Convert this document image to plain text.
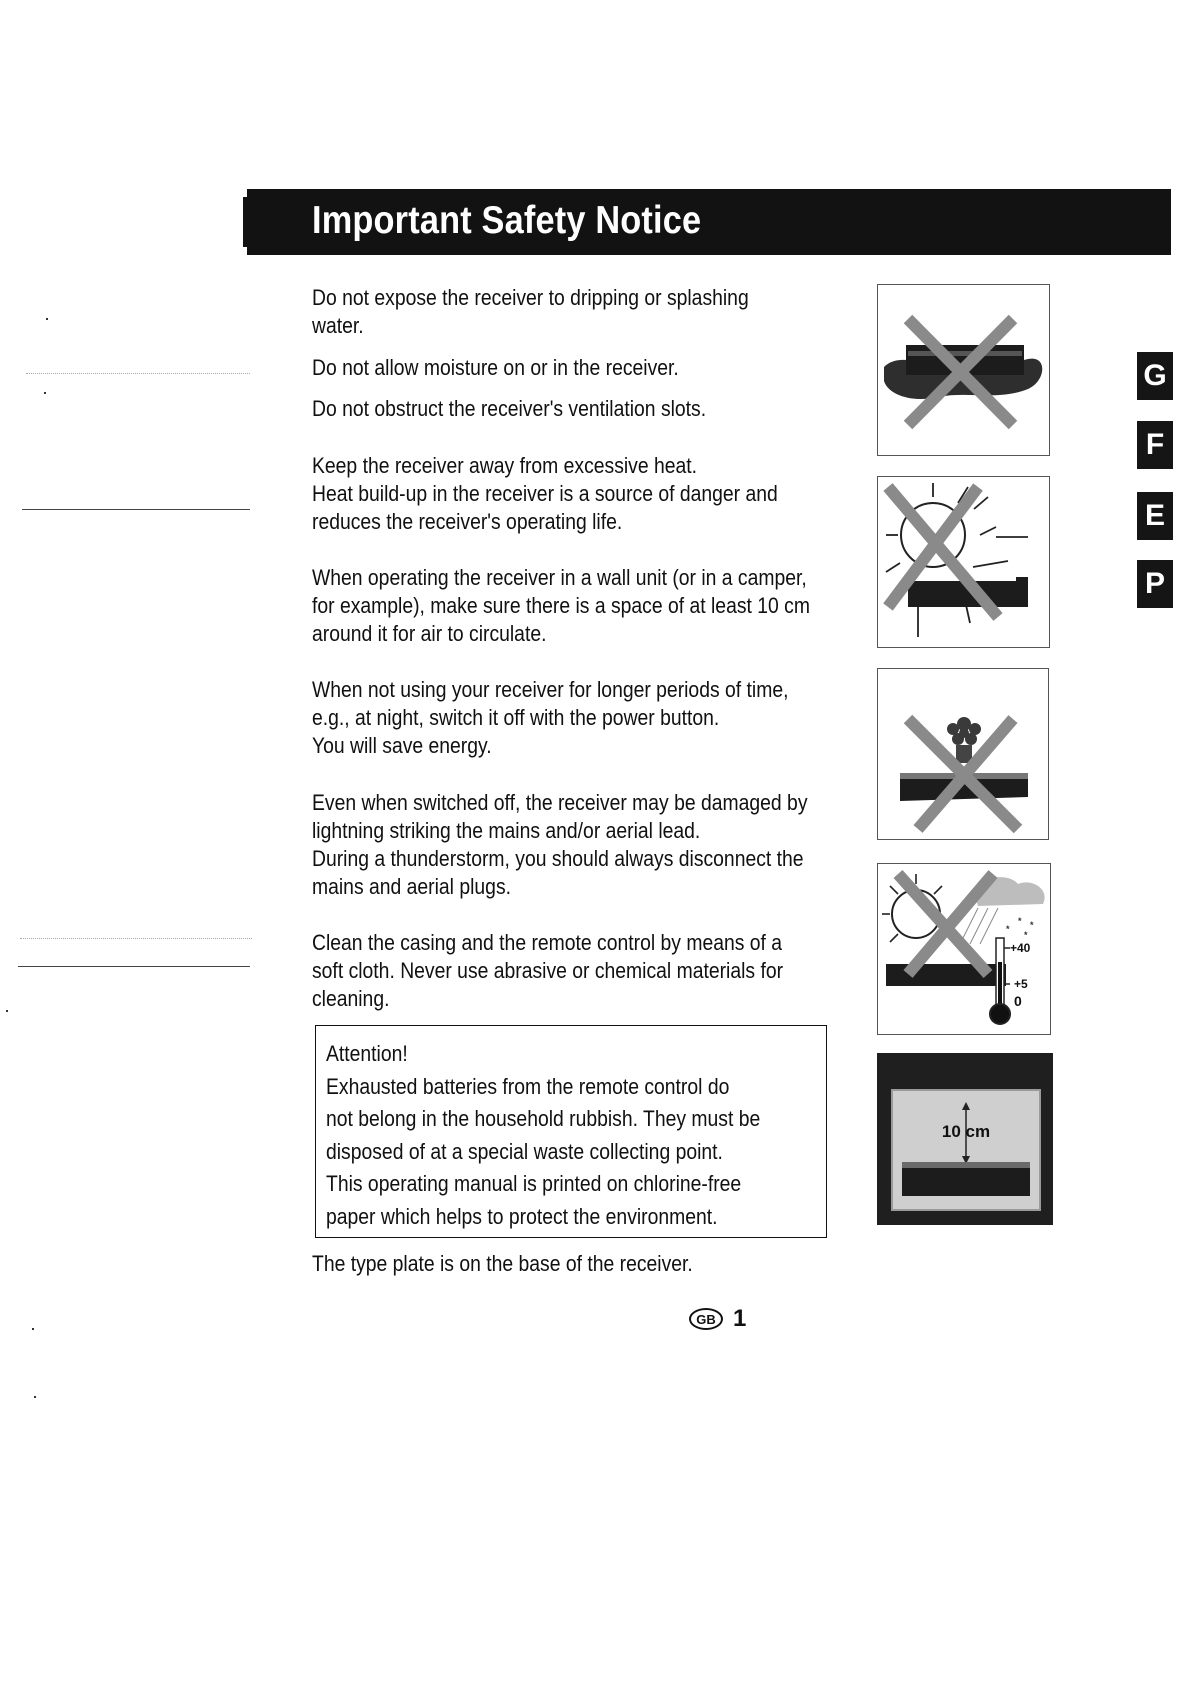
Important Safety Notice

Do not expose the receiver to dripping or splashing
water.

Do not allow moisture on or in the receiver.

Do not obstruct the receiver's ventilation slots.

Keep the receiver away from excessive heat.
Heat build-up in the receiver is a source of danger and
reduces the receiver's operating life.

When operating the receiver in a wall unit (or in a camper,
for example), make sure there is a space of at least 10 cm
around it for air to circulate.

When not using your receiver for longer periods of time,
e.g., at night, switch it off with the power button.
You will save energy.

Even when switched off, the receiver may be damaged by
lightning striking the mains and/or aerial lead.
During a thunderstorm, you should always disconnect the
mains and aerial plugs.

Clean the casing and the remote control by means of a
soft cloth. Never use abrasive or chemical materials for
cleaning.

Attention!
Exhausted batteries from the remote control do
not belong in the household rubbish. They must be
disposed of at a special waste collecting point.
This operating manual is printed on chlorine-free
paper which helps to protect the environment.

The type plate is on the base of the receiver.

* *
*
*
+40
+5
0
10 cm
G
F
E
P
GB 1
